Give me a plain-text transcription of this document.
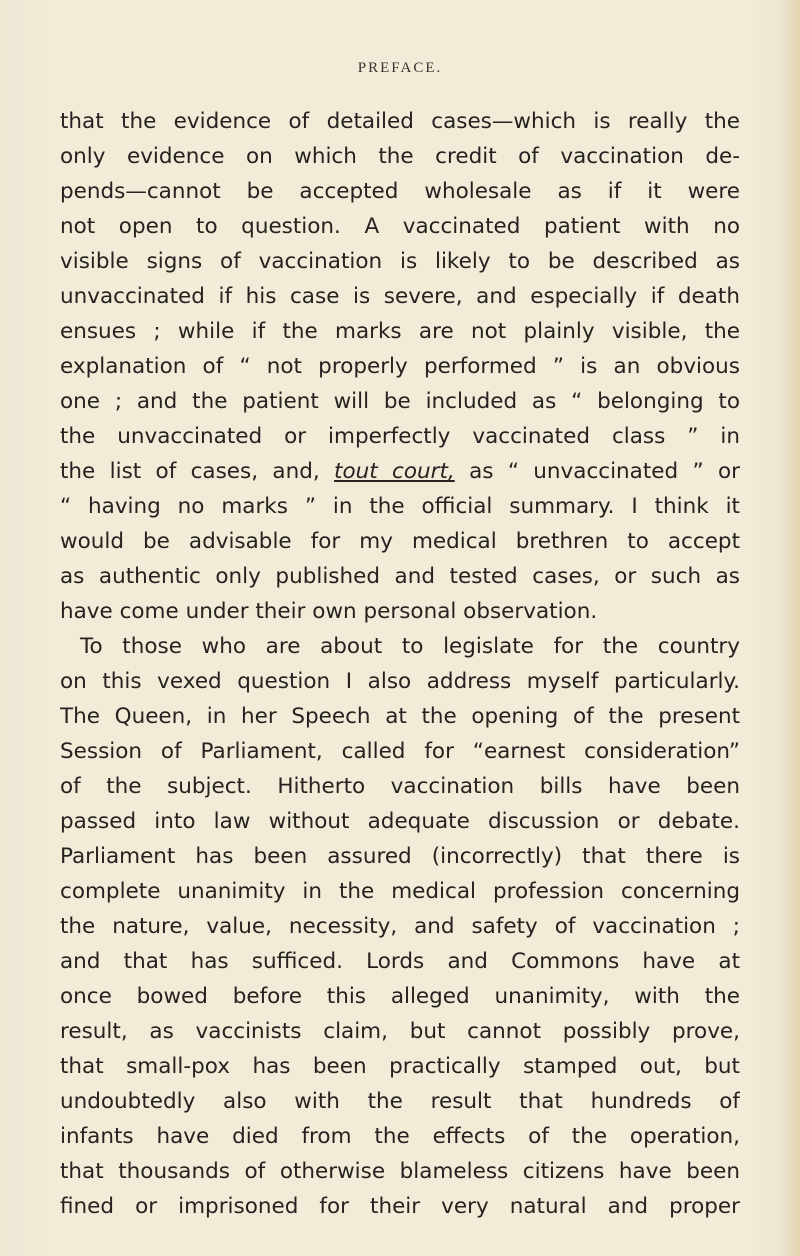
PREFACE.
that the evidence of detailed cases—which is really the
only evidence on which the credit of vaccination de-
pends—cannot be accepted wholesale as if it were
not open to question. A vaccinated patient with no
visible signs of vaccination is likely to be described as
unvaccinated if his case is severe, and especially if death
ensues ; while if the marks are not plainly visible, the
explanation of “ not properly performed ” is an obvious
one ; and the patient will be included as “ belonging to
the unvaccinated or imperfectly vaccinated class ” in
the list of cases, and, tout court, as “ unvaccinated ” or
“ having no marks ” in the official summary. I think it
would be advisable for my medical brethren to accept
as authentic only published and tested cases, or such as
have come under their own personal observation.
To those who are about to legislate for the country
on this vexed question I also address myself particularly.
The Queen, in her Speech at the opening of the present
Session of Parliament, called for “earnest consideration”
of the subject. Hitherto vaccination bills have been
passed into law without adequate discussion or debate.
Parliament has been assured (incorrectly) that there is
complete unanimity in the medical profession concerning
the nature, value, necessity, and safety of vaccination ;
and that has sufficed. Lords and Commons have at
once bowed before this alleged unanimity, with the
result, as vaccinists claim, but cannot possibly prove,
that small-pox has been practically stamped out, but
undoubtedly also with the result that hundreds of
infants have died from the effects of the operation,
that thousands of otherwise blameless citizens have been
fined or imprisoned for their very natural and proper
